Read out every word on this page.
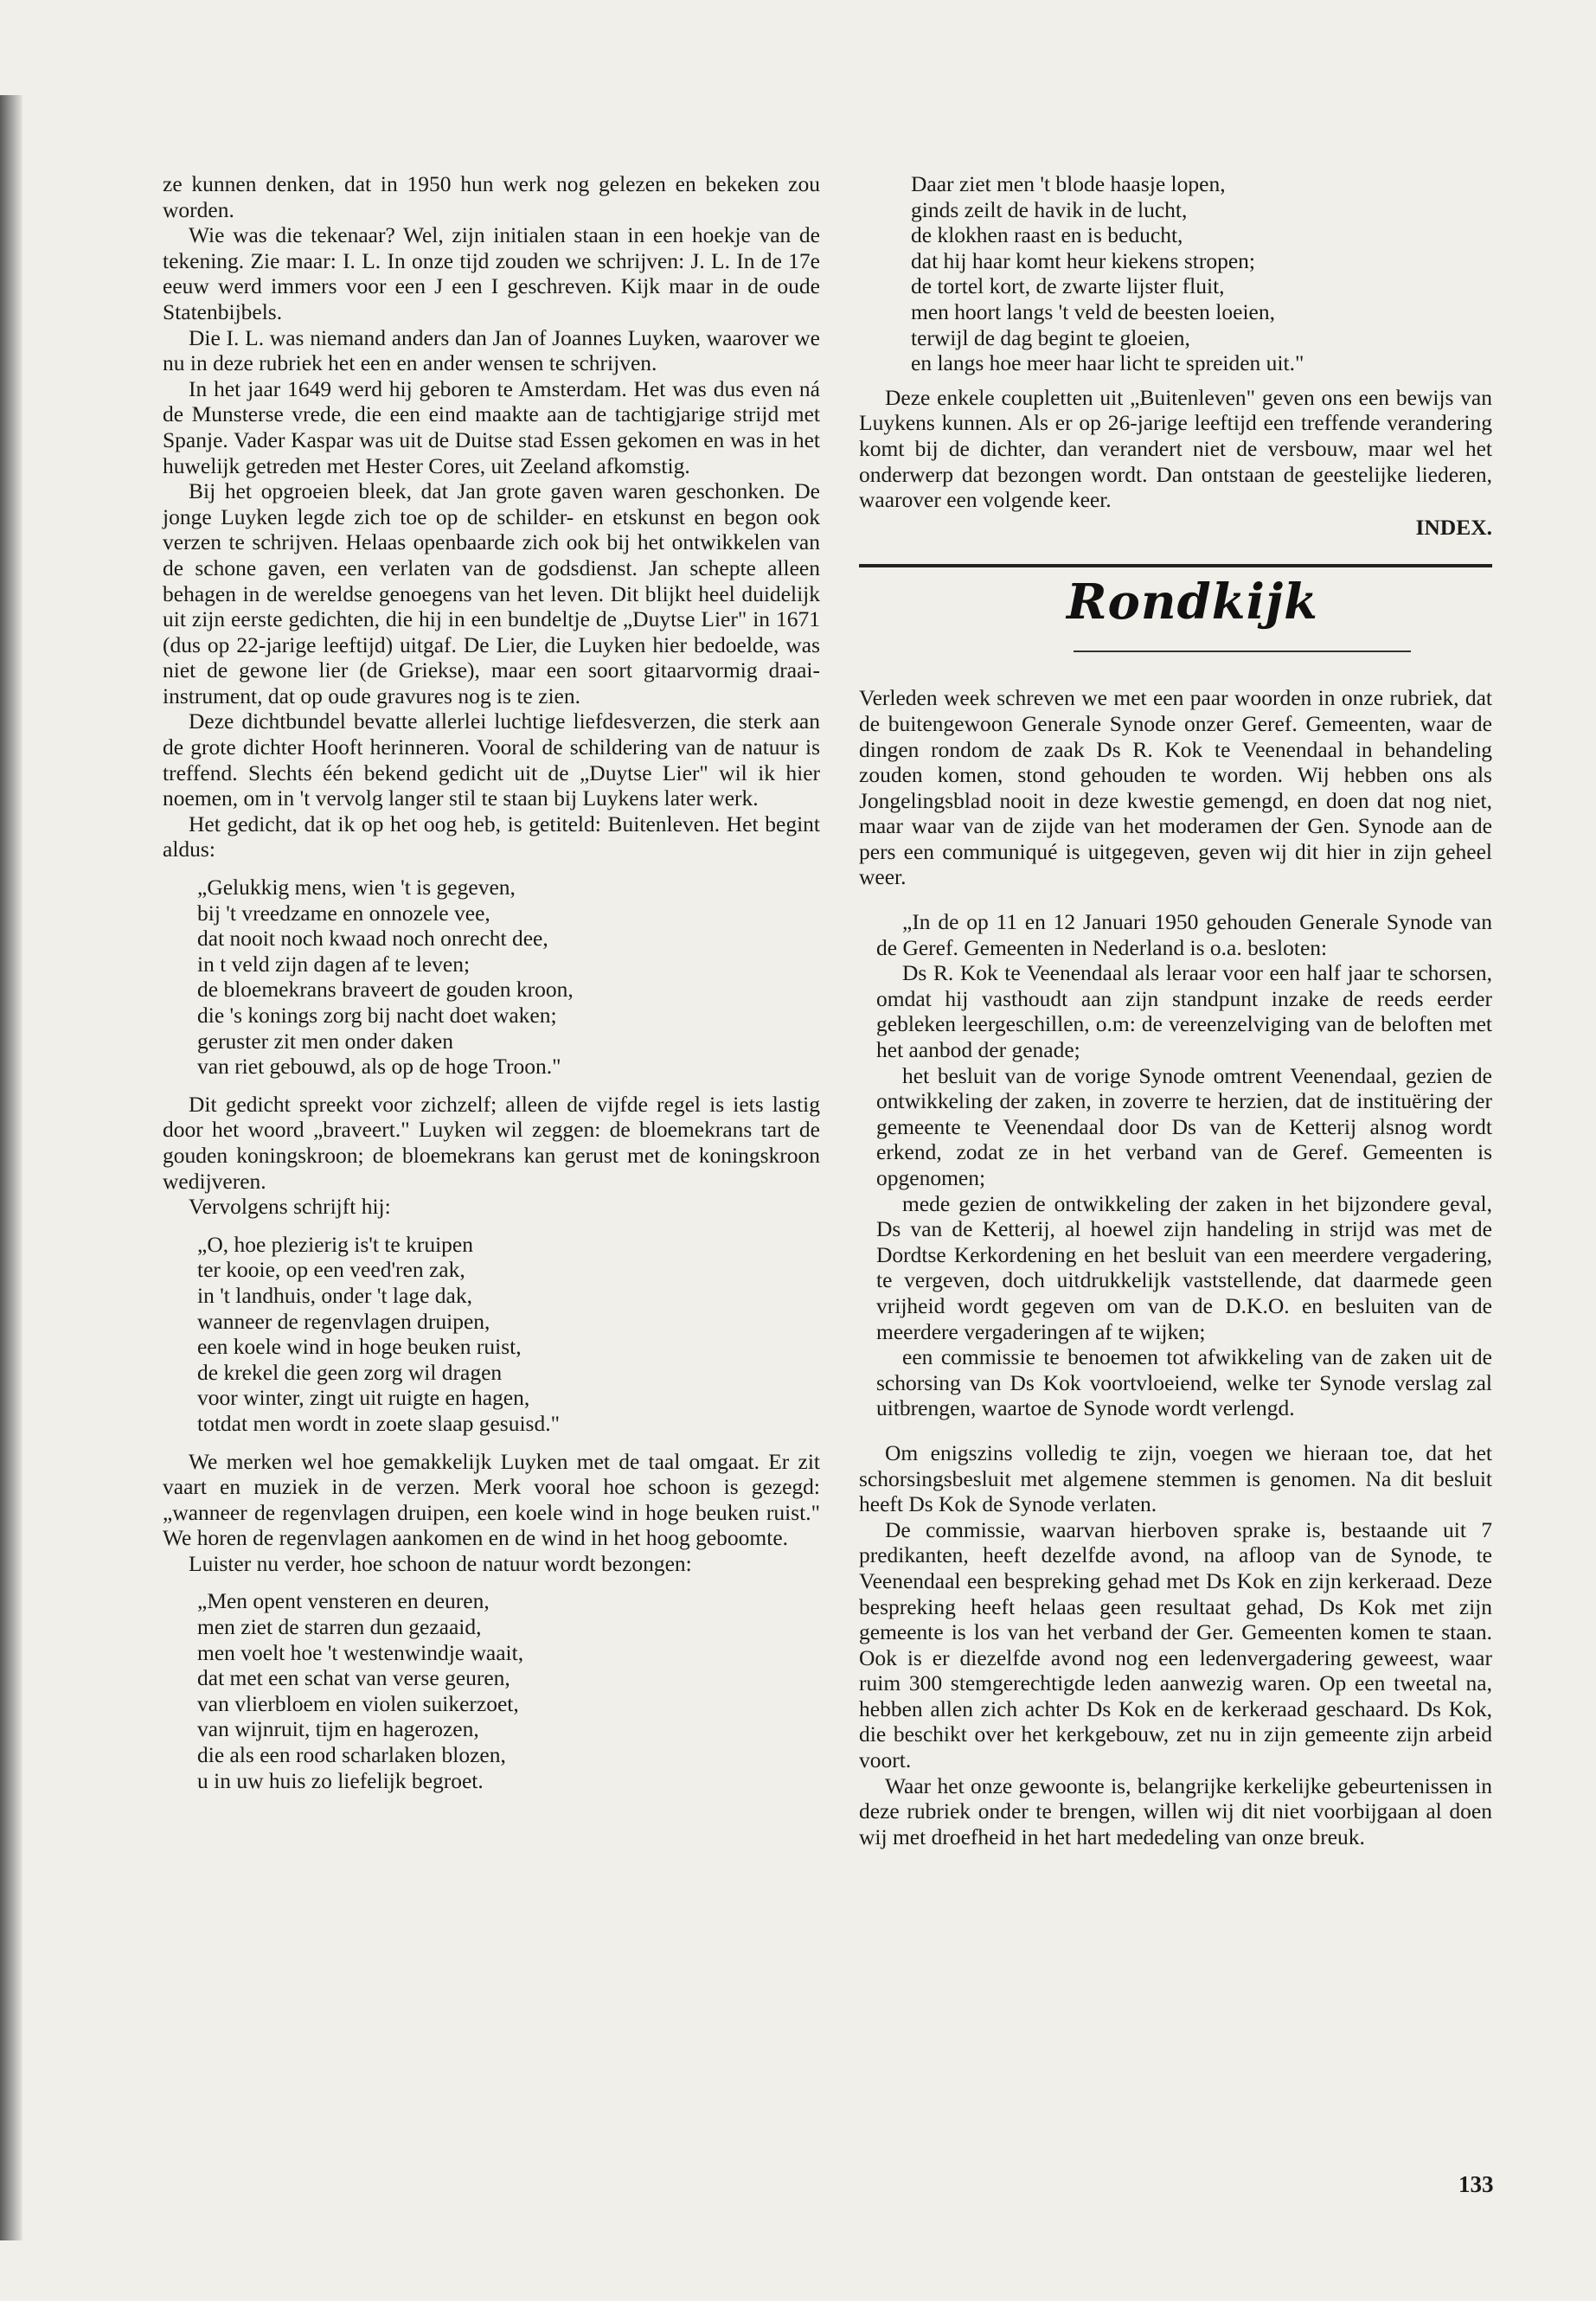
ze kunnen denken, dat in 1950 hun werk nog gelezen en bekeken zou worden.

Wie was die tekenaar? Wel, zijn initialen staan in een hoekje van de tekening. Zie maar: I. L. In onze tijd zouden we schrijven: J. L. In de 17e eeuw werd immers voor een J een I geschreven. Kijk maar in de oude Statenbijbels.

Die I. L. was niemand anders dan Jan of Joannes Luyken, waarover we nu in deze rubriek het een en ander wensen te schrijven.

In het jaar 1649 werd hij geboren te Amsterdam. Het was dus even ná de Munsterse vrede, die een eind maakte aan de tachtigjarige strijd met Spanje. Vader Kaspar was uit de Duitse stad Essen gekomen en was in het huwelijk getreden met Hester Cores, uit Zeeland afkomstig.

Bij het opgroeien bleek, dat Jan grote gaven waren geschonken. De jonge Luyken legde zich toe op de schilder- en etskunst en begon ook verzen te schrijven. Helaas openbaarde zich ook bij het ontwikkelen van de schone gaven, een verlaten van de godsdienst. Jan schepte alleen behagen in de wereldse genoegens van het leven. Dit blijkt heel duidelijk uit zijn eerste gedichten, die hij in een bundeltje de „Duytse Lier" in 1671 (dus op 22-jarige leeftijd) uitgaf. De Lier, die Luyken hier bedoelde, was niet de gewone lier (de Griekse), maar een soort gitaarvormig draai-instrument, dat op oude gravures nog is te zien.

Deze dichtbundel bevatte allerlei luchtige liefdesverzen, die sterk aan de grote dichter Hooft herinneren. Vooral de schildering van de natuur is treffend. Slechts één bekend gedicht uit de „Duytse Lier" wil ik hier noemen, om in 't vervolg langer stil te staan bij Luykens later werk.

Het gedicht, dat ik op het oog heb, is getiteld: Buitenleven. Het begint aldus:

„Gelukkig mens, wien 't is gegeven,
bij 't vreedzame en onnozele vee,
dat nooit noch kwaad noch onrecht dee,
in t veld zijn dagen af te leven;
de bloemekrans braveert de gouden kroon,
die 's konings zorg bij nacht doet waken;
geruster zit men onder daken
van riet gebouwd, als op de hoge Troon."

Dit gedicht spreekt voor zichzelf; alleen de vijfde regel is iets lastig door het woord „braveert." Luyken wil zeggen: de bloemekrans tart de gouden koningskroon; de bloemekrans kan gerust met de koningskroon wedijveren.

Vervolgens schrijft hij:

„O, hoe plezierig is't te kruipen
ter kooie, op een veed'ren zak,
in 't landhuis, onder 't lage dak,
wanneer de regenvlagen druipen,
een koele wind in hoge beuken ruist,
de krekel die geen zorg wil dragen
voor winter, zingt uit ruigte en hagen,
totdat men wordt in zoete slaap gesuisd."

We merken wel hoe gemakkelijk Luyken met de taal omgaat. Er zit vaart en muziek in de verzen. Merk vooral hoe schoon is gezegd: „wanneer de regenvlagen druipen, een koele wind in hoge beuken ruist." We horen de regenvlagen aankomen en de wind in het hoog geboomte.

Luister nu verder, hoe schoon de natuur wordt bezongen:

„Men opent vensteren en deuren,
men ziet de starren dun gezaaid,
men voelt hoe 't westenwindje waait,
dat met een schat van verse geuren,
van vlierbloem en violen suikerzoet,
van wijnruit, tijm en hagerozen,
die als een rood scharlaken blozen,
u in uw huis zo liefelijk begroet.
Daar ziet men 't blode haasje lopen,
ginds zeilt de havik in de lucht,
de klokhen raast en is beducht,
dat hij haar komt heur kiekens stropen;
de tortel kort, de zwarte lijster fluit,
men hoort langs 't veld de beesten loeien,
terwijl de dag begint te gloeien,
en langs hoe meer haar licht te spreiden uit."

Deze enkele coupletten uit „Buitenleven" geven ons een bewijs van Luykens kunnen. Als er op 26-jarige leeftijd een treffende verandering komt bij de dichter, dan verandert niet de versbouw, maar wel het onderwerp dat bezongen wordt. Dan ontstaan de geestelijke liederen, waarover een volgende keer.

INDEX.
Rondkijk

Verleden week schreven we met een paar woorden in onze rubriek, dat de buitengewoon Generale Synode onzer Geref. Gemeenten, waar de dingen rondom de zaak Ds R. Kok te Veenendaal in behandeling zouden komen, stond gehouden te worden. Wij hebben ons als Jongelingsblad nooit in deze kwestie gemengd, en doen dat nog niet, maar waar van de zijde van het moderamen der Gen. Synode aan de pers een communiqué is uitgegeven, geven wij dit hier in zijn geheel weer.

„In de op 11 en 12 Januari 1950 gehouden Generale Synode van de Geref. Gemeenten in Nederland is o.a. besloten:

Ds R. Kok te Veenendaal als leraar voor een half jaar te schorsen, omdat hij vasthoudt aan zijn standpunt inzake de reeds eerder gebleken leergeschillen, o.m: de vereenzelviging van de beloften met het aanbod der genade;

het besluit van de vorige Synode omtrent Veenendaal, gezien de ontwikkeling der zaken, in zoverre te herzien, dat de instituëring der gemeente te Veenendaal door Ds van de Ketterij alsnog wordt erkend, zodat ze in het verband van de Geref. Gemeenten is opgenomen;

mede gezien de ontwikkeling der zaken in het bijzondere geval, Ds van de Ketterij, al hoewel zijn handeling in strijd was met de Dordtse Kerkordening en het besluit van een meerdere vergadering, te vergeven, doch uitdrukkelijk vaststellende, dat daarmede geen vrijheid wordt gegeven om van de D.K.O. en besluiten van de meerdere vergaderingen af te wijken;

een commissie te benoemen tot afwikkeling van de zaken uit de schorsing van Ds Kok voortvloeiend, welke ter Synode verslag zal uitbrengen, waartoe de Synode wordt verlengd.

Om enigszins volledig te zijn, voegen we hieraan toe, dat het schorsingsbesluit met algemene stemmen is genomen. Na dit besluit heeft Ds Kok de Synode verlaten.

De commissie, waarvan hierboven sprake is, bestaande uit 7 predikanten, heeft dezelfde avond, na afloop van de Synode, te Veenendaal een bespreking gehad met Ds Kok en zijn kerkeraad. Deze bespreking heeft helaas geen resultaat gehad, Ds Kok met zijn gemeente is los van het verband der Ger. Gemeenten komen te staan. Ook is er diezelfde avond nog een ledenvergadering geweest, waar ruim 300 stemgerechtigde leden aanwezig waren. Op een tweetal na, hebben allen zich achter Ds Kok en de kerkeraad geschaard. Ds Kok, die beschikt over het kerkgebouw, zet nu in zijn gemeente zijn arbeid voort.

Waar het onze gewoonte is, belangrijke kerkelijke gebeurtenissen in deze rubriek onder te brengen, willen wij dit niet voorbijgaan al doen wij met droefheid in het hart mededeling van onze breuk.

133
